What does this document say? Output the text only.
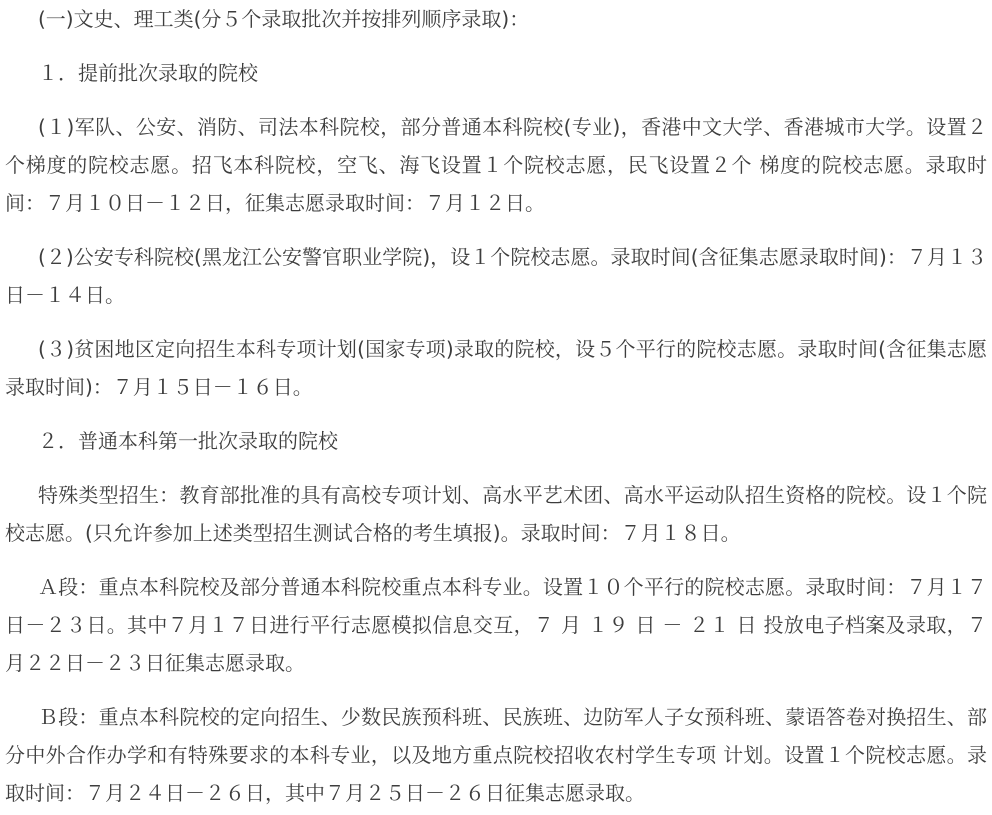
(一)文史、理工类(分５个录取批次并按排列顺序录取)：

１．提前批次录取的院校

(１)军队、公安、消防、司法本科院校，部分普通本科院校(专业)，香港中文大学、香港城市大学。设置２个梯度的院校志愿。招飞本科院校，空飞、海飞设置１个院校志愿，民飞设置２个 梯度的院校志愿。录取时间：７月１０日－１２日，征集志愿录取时间：７月１２日。

(２)公安专科院校(黑龙江公安警官职业学院)，设１个院校志愿。录取时间(含征集志愿录取时间)：７月１３日－１４日。

(３)贫困地区定向招生本科专项计划(国家专项)录取的院校，设５个平行的院校志愿。录取时间(含征集志愿录取时间)：７月１５日－１６日。

２．普通本科第一批次录取的院校

特殊类型招生：教育部批准的具有高校专项计划、高水平艺术团、高水平运动队招生资格的院校。设１个院校志愿。(只允许参加上述类型招生测试合格的考生填报)。录取时间：７月１８日。

Ａ段：重点本科院校及部分普通本科院校重点本科专业。设置１０个平行的院校志愿。录取时间：７月１７日－２３日。其中７月１７日进行平行志愿模拟信息交互，７ 月 １９ 日 － ２１ 日 投放电子档案及录取，７月２２日－２３日征集志愿录取。

Ｂ段：重点本科院校的定向招生、少数民族预科班、民族班、边防军人子女预科班、蒙语答卷对换招生、部分中外合作办学和有特殊要求的本科专业，以及地方重点院校招收农村学生专项 计划。设置１个院校志愿。录取时间：７月２４日－２６日，其中７月２５日－２６日征集志愿录取。
